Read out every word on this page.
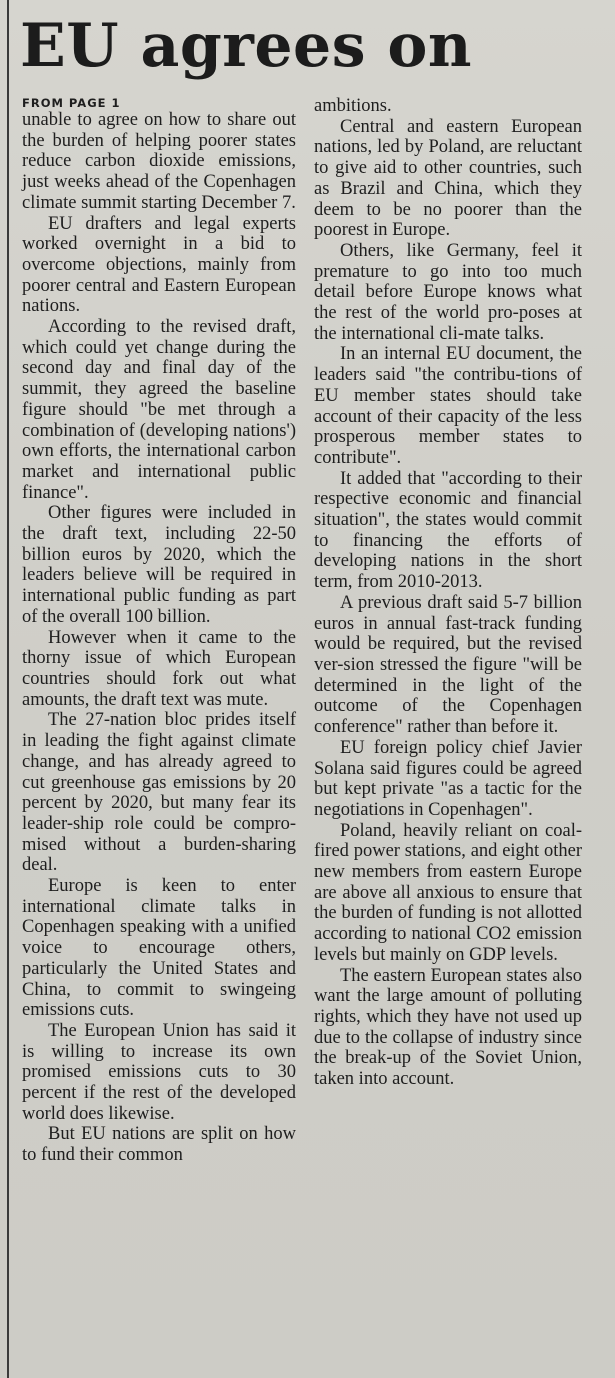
EU agrees on
FROM PAGE 1

unable to agree on how to share out the burden of helping poorer states reduce carbon dioxide emissions, just weeks ahead of the Copenhagen climate summit starting December 7.

EU drafters and legal experts worked overnight in a bid to overcome objections, mainly from poorer central and Eastern European nations.

According to the revised draft, which could yet change during the second day and final day of the summit, they agreed the baseline figure should "be met through a combination of (developing nations') own efforts, the international carbon market and international public finance".

Other figures were included in the draft text, including 22-50 billion euros by 2020, which the leaders believe will be required in international public funding as part of the overall 100 billion.

However when it came to the thorny issue of which European countries should fork out what amounts, the draft text was mute.

The 27-nation bloc prides itself in leading the fight against climate change, and has already agreed to cut greenhouse gas emissions by 20 percent by 2020, but many fear its leader-ship role could be compro-mised without a burden-sharing deal.

Europe is keen to enter international climate talks in Copenhagen speaking with a unified voice to encourage others, particularly the United States and China, to commit to swingeing emissions cuts.

The European Union has said it is willing to increase its own promised emissions cuts to 30 percent if the rest of the developed world does likewise.

But EU nations are split on how to fund their common

ambitions.

Central and eastern European nations, led by Poland, are reluctant to give aid to other countries, such as Brazil and China, which they deem to be no poorer than the poorest in Europe.

Others, like Germany, feel it premature to go into too much detail before Europe knows what the rest of the world pro-poses at the international cli-mate talks.

In an internal EU document, the leaders said "the contribu-tions of EU member states should take account of their capacity of the less prosperous member states to contribute".

It added that "according to their respective economic and financial situation", the states would commit to financing the efforts of developing nations in the short term, from 2010-2013.

A previous draft said 5-7 billion euros in annual fast-track funding would be required, but the revised ver-sion stressed the figure "will be determined in the light of the outcome of the Copenhagen conference" rather than before it.

EU foreign policy chief Javier Solana said figures could be agreed but kept private "as a tactic for the negotiations in Copenhagen".

Poland, heavily reliant on coal-fired power stations, and eight other new members from eastern Europe are above all anxious to ensure that the burden of funding is not allotted according to national CO2 emission levels but mainly on GDP levels.

The eastern European states also want the large amount of polluting rights, which they have not used up due to the collapse of industry since the break-up of the Soviet Union, taken into account.
